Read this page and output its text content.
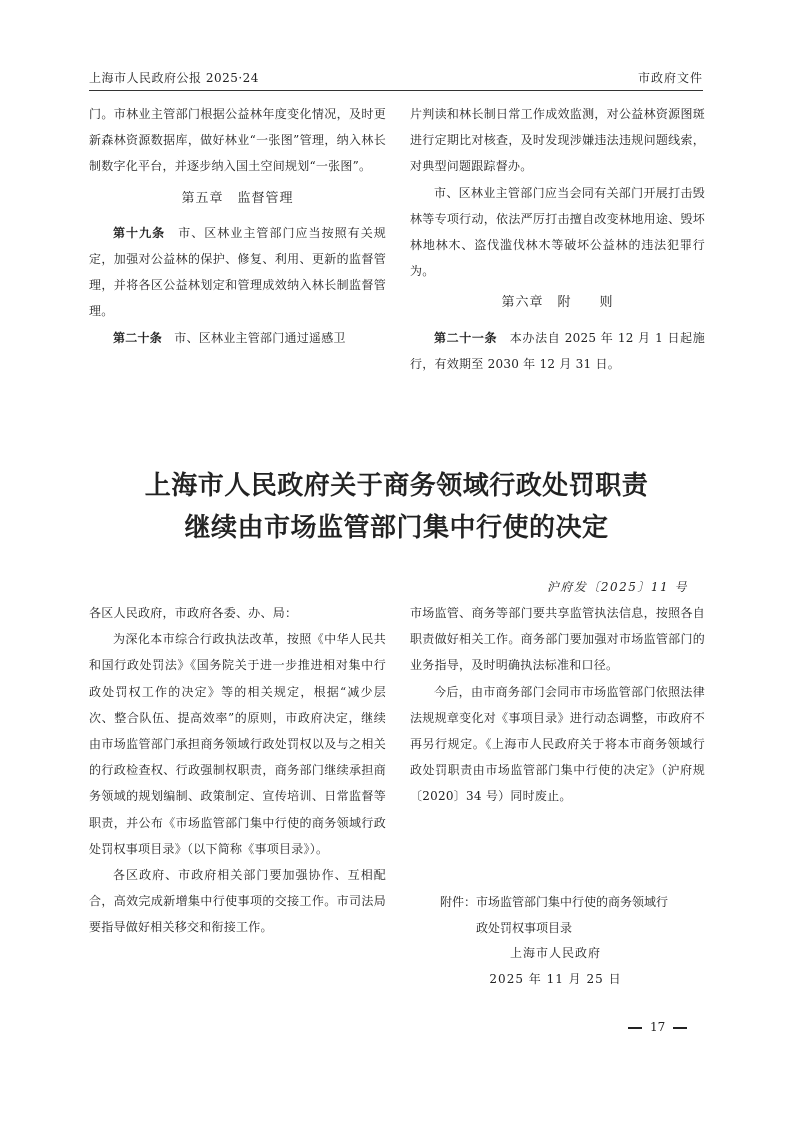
上海市人民政府公报 2025·24	市政府文件

门。市林业主管部门根据公益林年度变化情况，及时更新森林资源数据库，做好林业“一张图”管理，纳入林长制数字化平台，并逐步纳入国土空间规划“一张图”。

第五章　监督管理

第十九条　市、区林业主管部门应当按照有关规定，加强对公益林的保护、修复、利用、更新的监督管理，并将各区公益林划定和管理成效纳入林长制监督管理。

第二十条　市、区林业主管部门通过遥感卫

片判读和林长制日常工作成效监测，对公益林资源图斑进行定期比对核查，及时发现涉嫌违法违规问题线索，对典型问题跟踪督办。

市、区林业主管部门应当会同有关部门开展打击毁林等专项行动，依法严厉打击擅自改变林地用途、毁坏林地林木、盗伐滥伐林木等破坏公益林的违法犯罪行为。

第六章　附　　则

第二十一条　本办法自 2025 年 12 月 1 日起施行，有效期至 2030 年 12 月 31 日。

上海市人民政府关于商务领域行政处罚职责
继续由市场监管部门集中行使的决定
沪府发〔2025〕11 号

各区人民政府，市政府各委、办、局：

为深化本市综合行政执法改革，按照《中华人民共和国行政处罚法》《国务院关于进一步推进相对集中行政处罚权工作的决定》等的相关规定，根据“减少层次、整合队伍、提高效率”的原则，市政府决定，继续由市场监管部门承担商务领域行政处罚权以及与之相关的行政检查权、行政强制权职责，商务部门继续承担商务领域的规划编制、政策制定、宣传培训、日常监督等职责，并公布《市场监管部门集中行使的商务领域行政处罚权事项目录》（以下简称《事项目录》）。

各区政府、市政府相关部门要加强协作、互相配合，高效完成新增集中行使事项的交接工作。市司法局要指导做好相关移交和衔接工作。

市场监管、商务等部门要共享监管执法信息，按照各自职责做好相关工作。商务部门要加强对市场监管部门的业务指导，及时明确执法标准和口径。

今后，由市商务部门会同市市场监管部门依照法律法规规章变化对《事项目录》进行动态调整，市政府不再另行规定。《上海市人民政府关于将本市商务领域行政处罚职责由市场监管部门集中行使的决定》（沪府规〔2020〕34 号）同时废止。

附件：市场监管部门集中行使的商务领域行
政处罚权事项目录
上海市人民政府
2025 年 11 月 25 日
17
